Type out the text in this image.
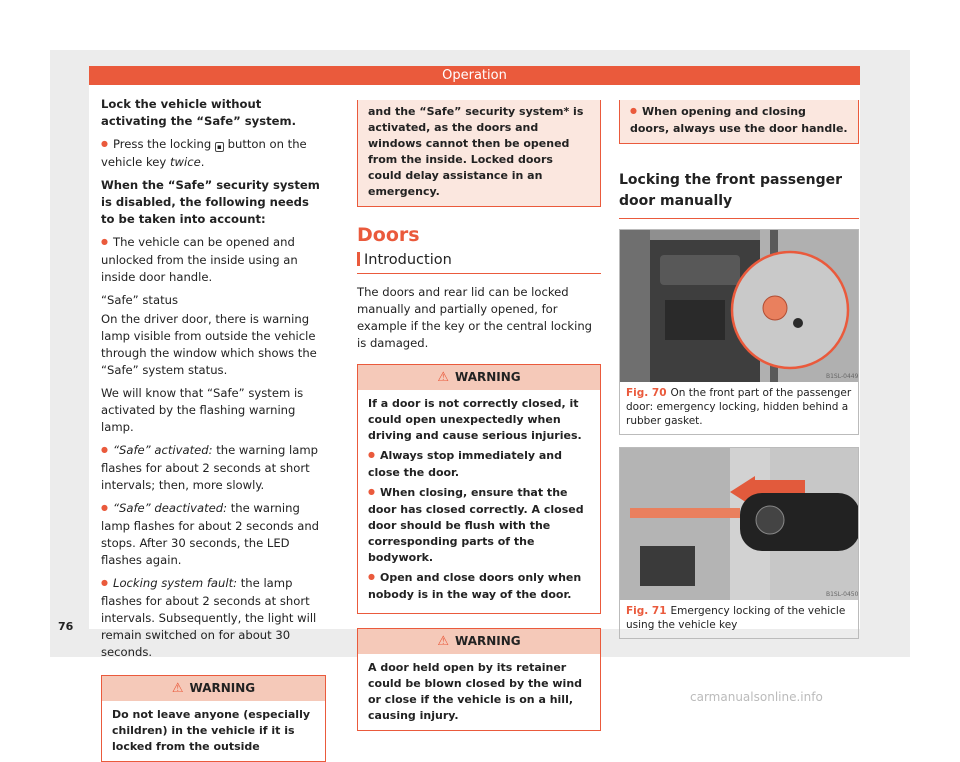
Operation

Lock the vehicle without activating the “Safe” system.

● Press the locking ▪ button on the vehicle key twice.

When the “Safe” security system is disabled, the following needs to be taken into account:

● The vehicle can be opened and unlocked from the inside using an inside door handle.

“Safe” status

On the driver door, there is warning lamp visible from outside the vehicle through the window which shows the “Safe” system status.

We will know that “Safe” system is activated by the flashing warning lamp.

● “Safe” activated: the warning lamp flashes for about 2 seconds at short intervals; then, more slowly.

● “Safe” deactivated: the warning lamp flashes for about 2 seconds and stops. After 30 seconds, the LED flashes again.

● Locking system fault: the lamp flashes for about 2 seconds at short intervals. Subsequently, the light will remain switched on for about 30 seconds.

⚠ WARNING
Do not leave anyone (especially children) in the vehicle if it is locked from the outside
and the “Safe” security system* is activated, as the doors and windows cannot then be opened from the inside. Locked doors could delay assistance in an emergency.
Doors
Introduction

The doors and rear lid can be locked manually and partially opened, for example if the key or the central locking is damaged.

⚠ WARNING

If a door is not correctly closed, it could open unexpectedly when driving and cause serious injuries.

● Always stop immediately and close the door.

● When closing, ensure that the door has closed correctly. A closed door should be flush with the corresponding parts of the bodywork.

● Open and close doors only when nobody is in the way of the door.

⚠ WARNING
A door held open by its retainer could be blown closed by the wind or close if the vehicle is on a hill, causing injury.
● When opening and closing doors, always use the door handle.
Locking the front passenger door manually
B1SL-0449
Fig. 70 On the front part of the passenger door: emergency locking, hidden behind a rubber gasket.
B1SL-0450
Fig. 71 Emergency locking of the vehicle using the vehicle key
76
carmanualsonline.info
